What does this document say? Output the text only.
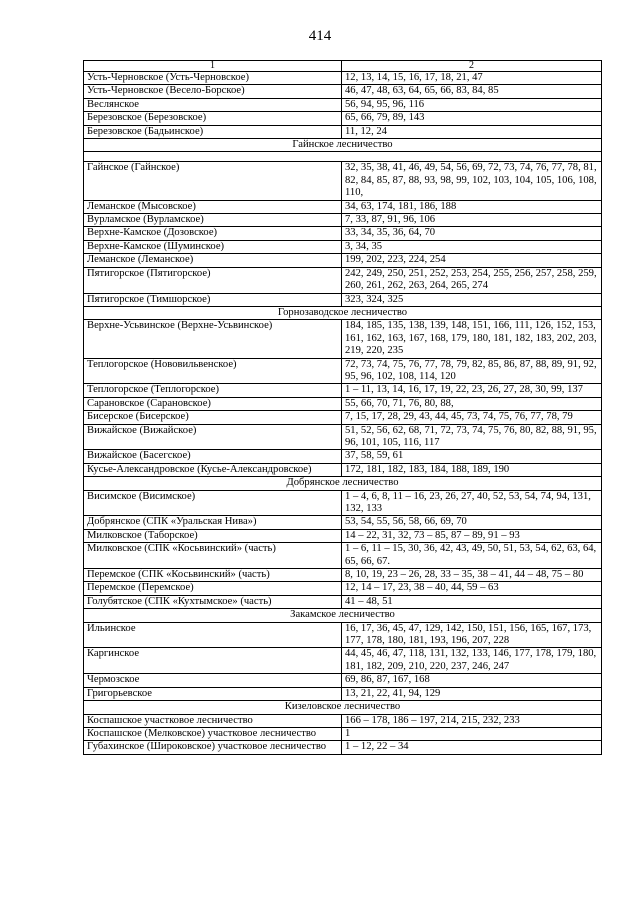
414
1	2
Усть-Черновское (Усть-Черновское)	12, 13, 14, 15, 16, 17, 18, 21, 47
Усть-Черновское (Весело-Борское)	46, 47, 48, 63, 64, 65, 66, 83, 84, 85
Веслянское	56, 94, 95, 96, 116
Березовское (Березовское)	65, 66, 79, 89, 143
Березовское (Бадьинское)	11, 12, 24
Гайнское лесничество	

Гайнское (Гайнское)	32, 35, 38, 41, 46, 49, 54, 56, 69, 72, 73, 74, 76, 77, 78, 81, 82, 84, 85, 87, 88, 93, 98, 99, 102, 103, 104, 105, 106, 108, 110,
Леманское (Мысовское)	34, 63, 174, 181, 186, 188
Вурламское (Вурламское)	7, 33, 87, 91, 96, 106
Верхне-Камское (Дозовское)	33, 34, 35, 36, 64, 70
Верхне-Камское (Шуминское)	3, 34, 35
Леманское (Леманское)	199, 202, 223, 224, 254
Пятигорское (Пятигорское)	242, 249, 250, 251, 252, 253, 254, 255, 256, 257, 258, 259, 260, 261, 262, 263, 264, 265, 274
Пятигорское (Тимшорское)	323, 324, 325
Горнозаводское лесничество	
Верхне-Усьвинское (Верхне-Усьвинское)	184, 185, 135, 138, 139, 148, 151, 166, 111, 126, 152, 153, 161, 162, 163, 167, 168, 179, 180, 181, 182, 183, 202, 203, 219, 220, 235
Теплогорское (Нововильвенское)	72, 73, 74, 75, 76, 77, 78, 79, 82, 85, 86, 87, 88, 89, 91, 92, 95, 96, 102, 108, 114, 120
Теплогорское (Теплогорское)	1 – 11, 13, 14, 16, 17, 19, 22, 23, 26, 27, 28, 30, 99, 137
Сарановское (Сарановское)	55, 66, 70, 71, 76, 80, 88,
Бисерское (Бисерское)	7, 15, 17, 28, 29, 43, 44, 45, 73, 74, 75, 76, 77, 78, 79
Вижайское (Вижайское)	51, 52, 56, 62, 68, 71, 72, 73, 74, 75, 76, 80, 82, 88, 91, 95, 96, 101, 105, 116, 117
Вижайское (Басегское)	37, 58, 59, 61
Кусье-Александровское (Кусье-Александровское)	172, 181, 182, 183, 184, 188, 189, 190
Добрянское лесничество	
Висимское (Висимское)	1 – 4, 6, 8, 11 – 16, 23, 26, 27, 40, 52, 53, 54, 74, 94, 131, 132, 133
Добрянское (СПК «Уральская Нива»)	53, 54, 55, 56, 58, 66, 69, 70
Милковское (Таборское)	14 – 22, 31, 32, 73 – 85, 87 – 89, 91 – 93
Милковское (СПК «Косьвинский» (часть)	1 – 6, 11 – 15, 30, 36, 42, 43, 49, 50, 51, 53, 54, 62, 63, 64, 65, 66, 67.
Перемское (СПК «Косьвинский» (часть)	8, 10, 19, 23 – 26, 28, 33 – 35, 38 – 41, 44 – 48, 75 – 80
Перемское (Перемское)	12, 14 – 17, 23, 38 – 40, 44, 59 – 63
Голубятское (СПК «Кухтымское» (часть)	41 – 48, 51
Закамское лесничество	
Ильинское	16, 17, 36, 45, 47, 129, 142, 150, 151, 156, 165, 167, 173, 177, 178, 180, 181, 193, 196, 207, 228
Каргинское	44, 45, 46, 47, 118, 131, 132, 133, 146, 177, 178, 179, 180, 181, 182, 209, 210, 220, 237, 246, 247
Чермозское	69, 86, 87, 167, 168
Григорьевское	13, 21, 22, 41, 94, 129
Кизеловское лесничество	
Коспашское участковое лесничество	166 – 178, 186 – 197, 214, 215, 232, 233
Коспашское (Мелковское) участковое лесничество	1
Губахинское (Широковское) участковое лесничество	1 – 12, 22 – 34
